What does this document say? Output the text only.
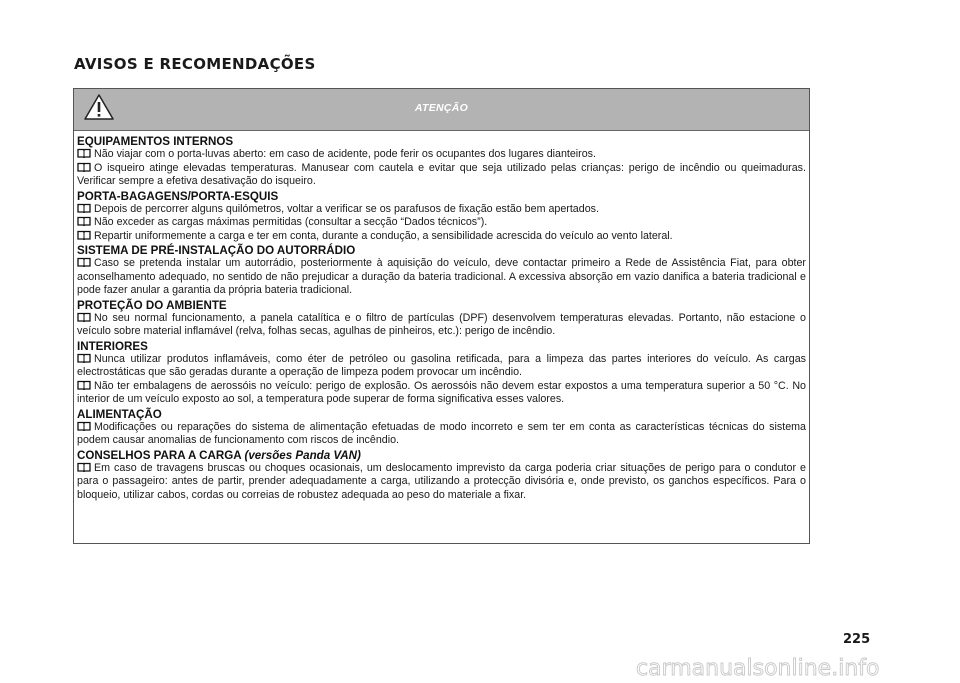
AVISOS E RECOMENDAÇÕES
ATENÇÃO
EQUIPAMENTOS INTERNOS

Não viajar com o porta-luvas aberto: em caso de acidente, pode ferir os ocupantes dos lugares dianteiros.

O isqueiro atinge elevadas temperaturas. Manusear com cautela e evitar que seja utilizado pelas crianças: perigo de incêndio ou queimaduras. Verificar sempre a efetiva desativação do isqueiro.

PORTA-BAGAGENS/PORTA-ESQUIS

Depois de percorrer alguns quilómetros, voltar a verificar se os parafusos de fixação estão bem apertados.

Não exceder as cargas máximas permitidas (consultar a secção “Dados técnicos”).

Repartir uniformemente a carga e ter em conta, durante a condução, a sensibilidade acrescida do veículo ao vento lateral.

SISTEMA DE PRÉ-INSTALAÇÃO DO AUTORRÁDIO

Caso se pretenda instalar um autorrádio, posteriormente à aquisição do veículo, deve contactar primeiro a Rede de Assistência Fiat, para obter aconselhamento adequado, no sentido de não prejudicar a duração da bateria tradicional. A excessiva absorção em vazio danifica a bateria tradicional e pode fazer anular a garantia da própria bateria tradicional.

PROTEÇÃO DO AMBIENTE

No seu normal funcionamento, a panela catalítica e o filtro de partículas (DPF) desenvolvem temperaturas elevadas. Portanto, não estacione o veículo sobre material inflamável (relva, folhas secas, agulhas de pinheiros, etc.): perigo de incêndio.

INTERIORES

Nunca utilizar produtos inflamáveis, como éter de petróleo ou gasolina retificada, para a limpeza das partes interiores do veículo. As cargas electrostáticas que são geradas durante a operação de limpeza podem provocar um incêndio.

Não ter embalagens de aerossóis no veículo: perigo de explosão. Os aerossóis não devem estar expostos a uma temperatura superior a 50 °C. No interior de um veículo exposto ao sol, a temperatura pode superar de forma significativa esses valores.

ALIMENTAÇÃO

Modificações ou reparações do sistema de alimentação efetuadas de modo incorreto e sem ter em conta as características técnicas do sistema podem causar anomalias de funcionamento com riscos de incêndio.

CONSELHOS PARA A CARGA (versões Panda VAN)

Em caso de travagens bruscas ou choques ocasionais, um deslocamento imprevisto da carga poderia criar situações de perigo para o condutor e para o passageiro: antes de partir, prender adequadamente a carga, utilizando a protecção divisória e, onde previsto, os ganchos específicos. Para o bloqueio, utilizar cabos, cordas ou correias de robustez adequada ao peso do materiale a fixar.

225
carmanualsonline.info
